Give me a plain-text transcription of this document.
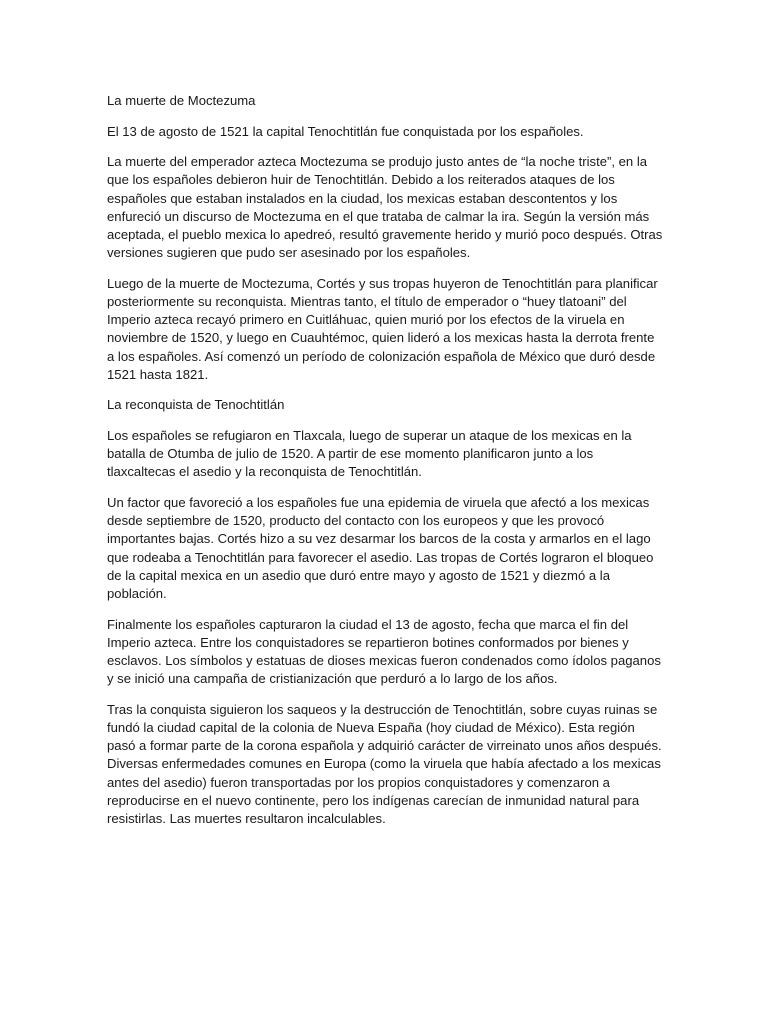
La muerte de Moctezuma

El 13 de agosto de 1521 la capital Tenochtitlán fue conquistada por los españoles.

La muerte del emperador azteca Moctezuma se produjo justo antes de “la noche triste”, en la que los españoles debieron huir de Tenochtitlán. Debido a los reiterados ataques de los españoles que estaban instalados en la ciudad, los mexicas estaban descontentos y los enfureció un discurso de Moctezuma en el que trataba de calmar la ira. Según la versión más aceptada, el pueblo mexica lo apedreó, resultó gravemente herido y murió poco después. Otras versiones sugieren que pudo ser asesinado por los españoles.

Luego de la muerte de Moctezuma, Cortés y sus tropas huyeron de Tenochtitlán para planificar posteriormente su reconquista. Mientras tanto, el título de emperador o “huey tlatoani” del Imperio azteca recayó primero en Cuitláhuac, quien murió por los efectos de la viruela en noviembre de 1520, y luego en Cuauhtémoc, quien lideró a los mexicas hasta la derrota frente a los españoles. Así comenzó un período de colonización española de México que duró desde 1521 hasta 1821.

La reconquista de Tenochtitlán

Los españoles se refugiaron en Tlaxcala, luego de superar un ataque de los mexicas en la batalla de Otumba de julio de 1520. A partir de ese momento planificaron junto a los tlaxcaltecas el asedio y la reconquista de Tenochtitlán.

Un factor que favoreció a los españoles fue una epidemia de viruela que afectó a los mexicas desde septiembre de 1520, producto del contacto con los europeos y que les provocó importantes bajas. Cortés hizo a su vez desarmar los barcos de la costa y armarlos en el lago que rodeaba a Tenochtitlán para favorecer el asedio. Las tropas de Cortés lograron el bloqueo de la capital mexica en un asedio que duró entre mayo y agosto de 1521 y diezmó a la población.

Finalmente los españoles capturaron la ciudad el 13 de agosto, fecha que marca el fin del Imperio azteca. Entre los conquistadores se repartieron botines conformados por bienes y esclavos. Los símbolos y estatuas de dioses mexicas fueron condenados como ídolos paganos y se inició una campaña de cristianización que perduró a lo largo de los años.

Tras la conquista siguieron los saqueos y la destrucción de Tenochtitlán, sobre cuyas ruinas se fundó la ciudad capital de la colonia de Nueva España (hoy ciudad de México). Esta región pasó a formar parte de la corona española y adquirió carácter de virreinato unos años después. Diversas enfermedades comunes en Europa (como la viruela que había afectado a los mexicas antes del asedio) fueron transportadas por los propios conquistadores y comenzaron a reproducirse en el nuevo continente, pero los indígenas carecían de inmunidad natural para resistirlas. Las muertes resultaron incalculables.
